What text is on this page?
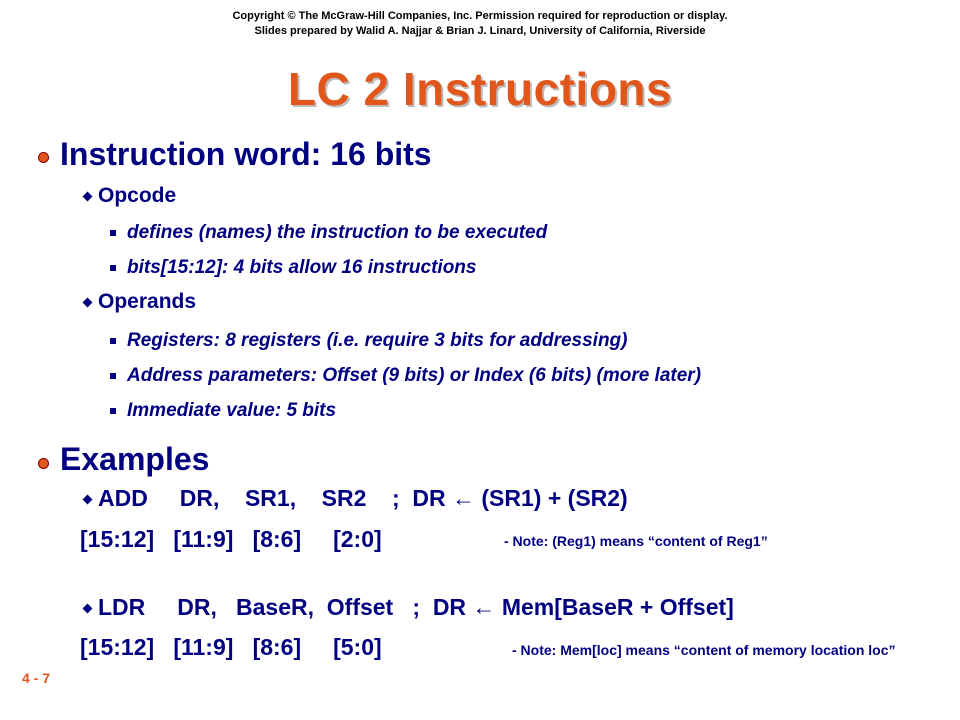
Copyright © The McGraw-Hill Companies, Inc. Permission required for reproduction or display.
Slides prepared by Walid A. Najjar & Brian J. Linard, University of California, Riverside
LC 2 Instructions
Instruction word: 16 bits
Opcode
defines (names) the instruction to be executed
bits[15:12]: 4 bits allow 16 instructions
Operands
Registers: 8 registers (i.e. require 3 bits for addressing)
Address parameters: Offset (9 bits) or Index (6 bits) (more later)
Immediate value: 5 bits
Examples
ADD     DR,    SR1,    SR2    ;  DR ← (SR1) + (SR2)
[15:12]   [11:9]   [8:6]     [2:0]	- Note: (Reg1) means “content of Reg1”
LDR     DR,   BaseR,  Offset   ;  DR ← Mem[BaseR + Offset]
[15:12]   [11:9]   [8:6]     [5:0]	- Note: Mem[loc] means “content of memory location loc”
4 - 7
